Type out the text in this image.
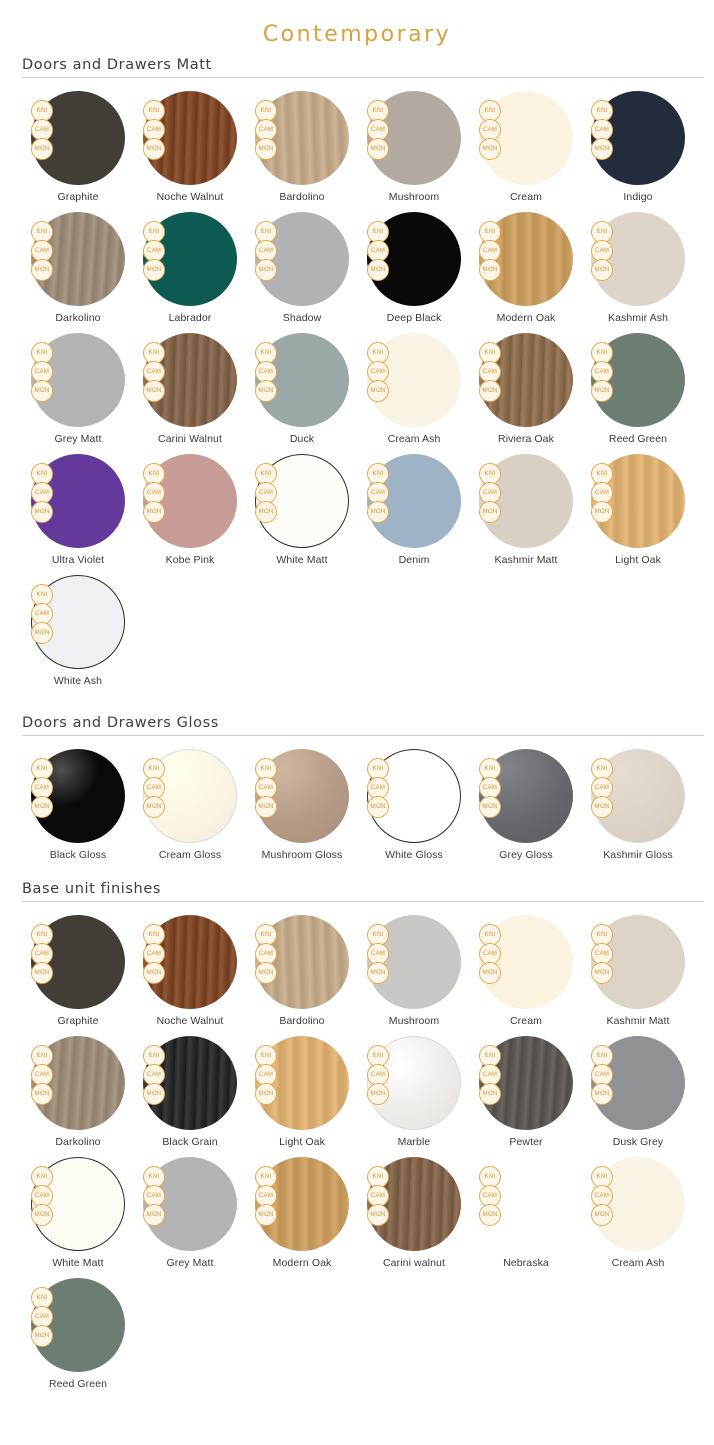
Contemporary
Doors and Drawers Matt
KNI
CAM
MON
Graphite
KNI
CAM
MON
Noche Walnut
KNI
CAM
MON
Bardolino
KNI
CAM
MON
Mushroom
KNI
CAM
MON
Cream
KNI
CAM
MON
Indigo
KNI
CAM
MON
Darkolino
KNI
CAM
MON
Labrador
KNI
CAM
MON
Shadow
KNI
CAM
MON
Deep Black
KNI
CAM
MON
Modern Oak
KNI
CAM
MON
Kashmir Ash
KNI
CAM
MON
Grey Matt
KNI
CAM
MON
Carini Walnut
KNI
CAM
MON
Duck
KNI
CAM
MON
Cream Ash
KNI
CAM
MON
Riviera Oak
KNI
CAM
MON
Reed Green
KNI
CAM
MON
Ultra Violet
KNI
CAM
MON
Kobe Pink
KNI
CAM
MON
White Matt
KNI
CAM
MON
Denim
KNI
CAM
MON
Kashmir Matt
KNI
CAM
MON
Light Oak
KNI
CAM
MON
White Ash
Doors and Drawers Gloss
KNI
CAM
MON
Black Gloss
KNI
CAM
MON
Cream Gloss
KNI
CAM
MON
Mushroom Gloss
KNI
CAM
MON
White Gloss
KNI
CAM
MON
Grey Gloss
KNI
CAM
MON
Kashmir Gloss
Base unit finishes
KNI
CAM
MON
Graphite
KNI
CAM
MON
Noche Walnut
KNI
CAM
MON
Bardolino
KNI
CAM
MON
Mushroom
KNI
CAM
MON
Cream
KNI
CAM
MON
Kashmir Matt
KNI
CAM
MON
Darkolino
KNI
CAM
MON
Black Grain
KNI
CAM
MON
Light Oak
KNI
CAM
MON
Marble
KNI
CAM
MON
Pewter
KNI
CAM
MON
Dusk Grey
KNI
CAM
MON
White Matt
KNI
CAM
MON
Grey Matt
KNI
CAM
MON
Modern Oak
KNI
CAM
MON
Carini walnut
KNI
CAM
MON
Nebraska
KNI
CAM
MON
Cream Ash
KNI
CAM
MON
Reed Green
